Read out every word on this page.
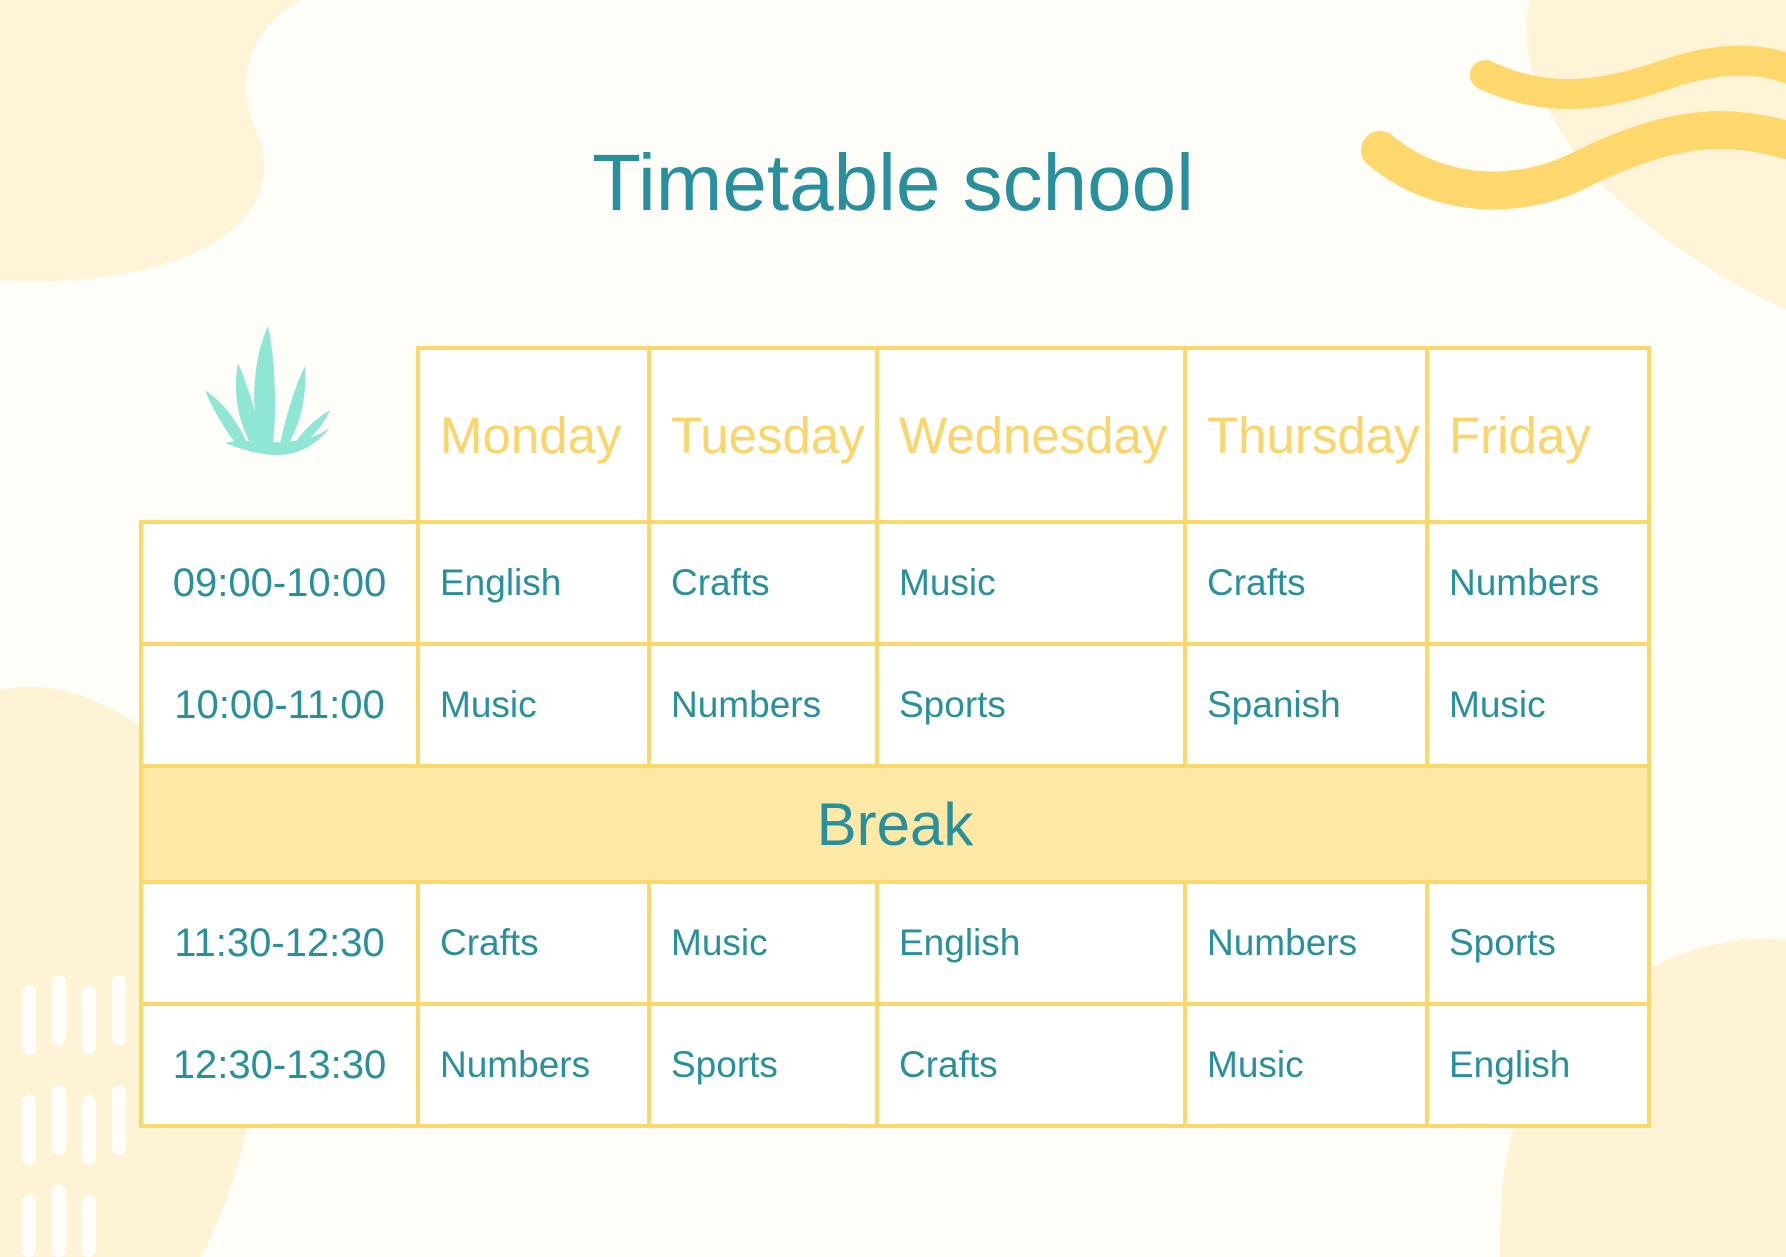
Timetable school
	Monday	Tuesday	Wednesday	Thursday	Friday
09:00-10:00	English	Crafts	Music	Crafts	Numbers
10:00-11:00	Music	Numbers	Sports	Spanish	Music
Break					
11:30-12:30	Crafts	Music	English	Numbers	Sports
12:30-13:30	Numbers	Sports	Crafts	Music	English
